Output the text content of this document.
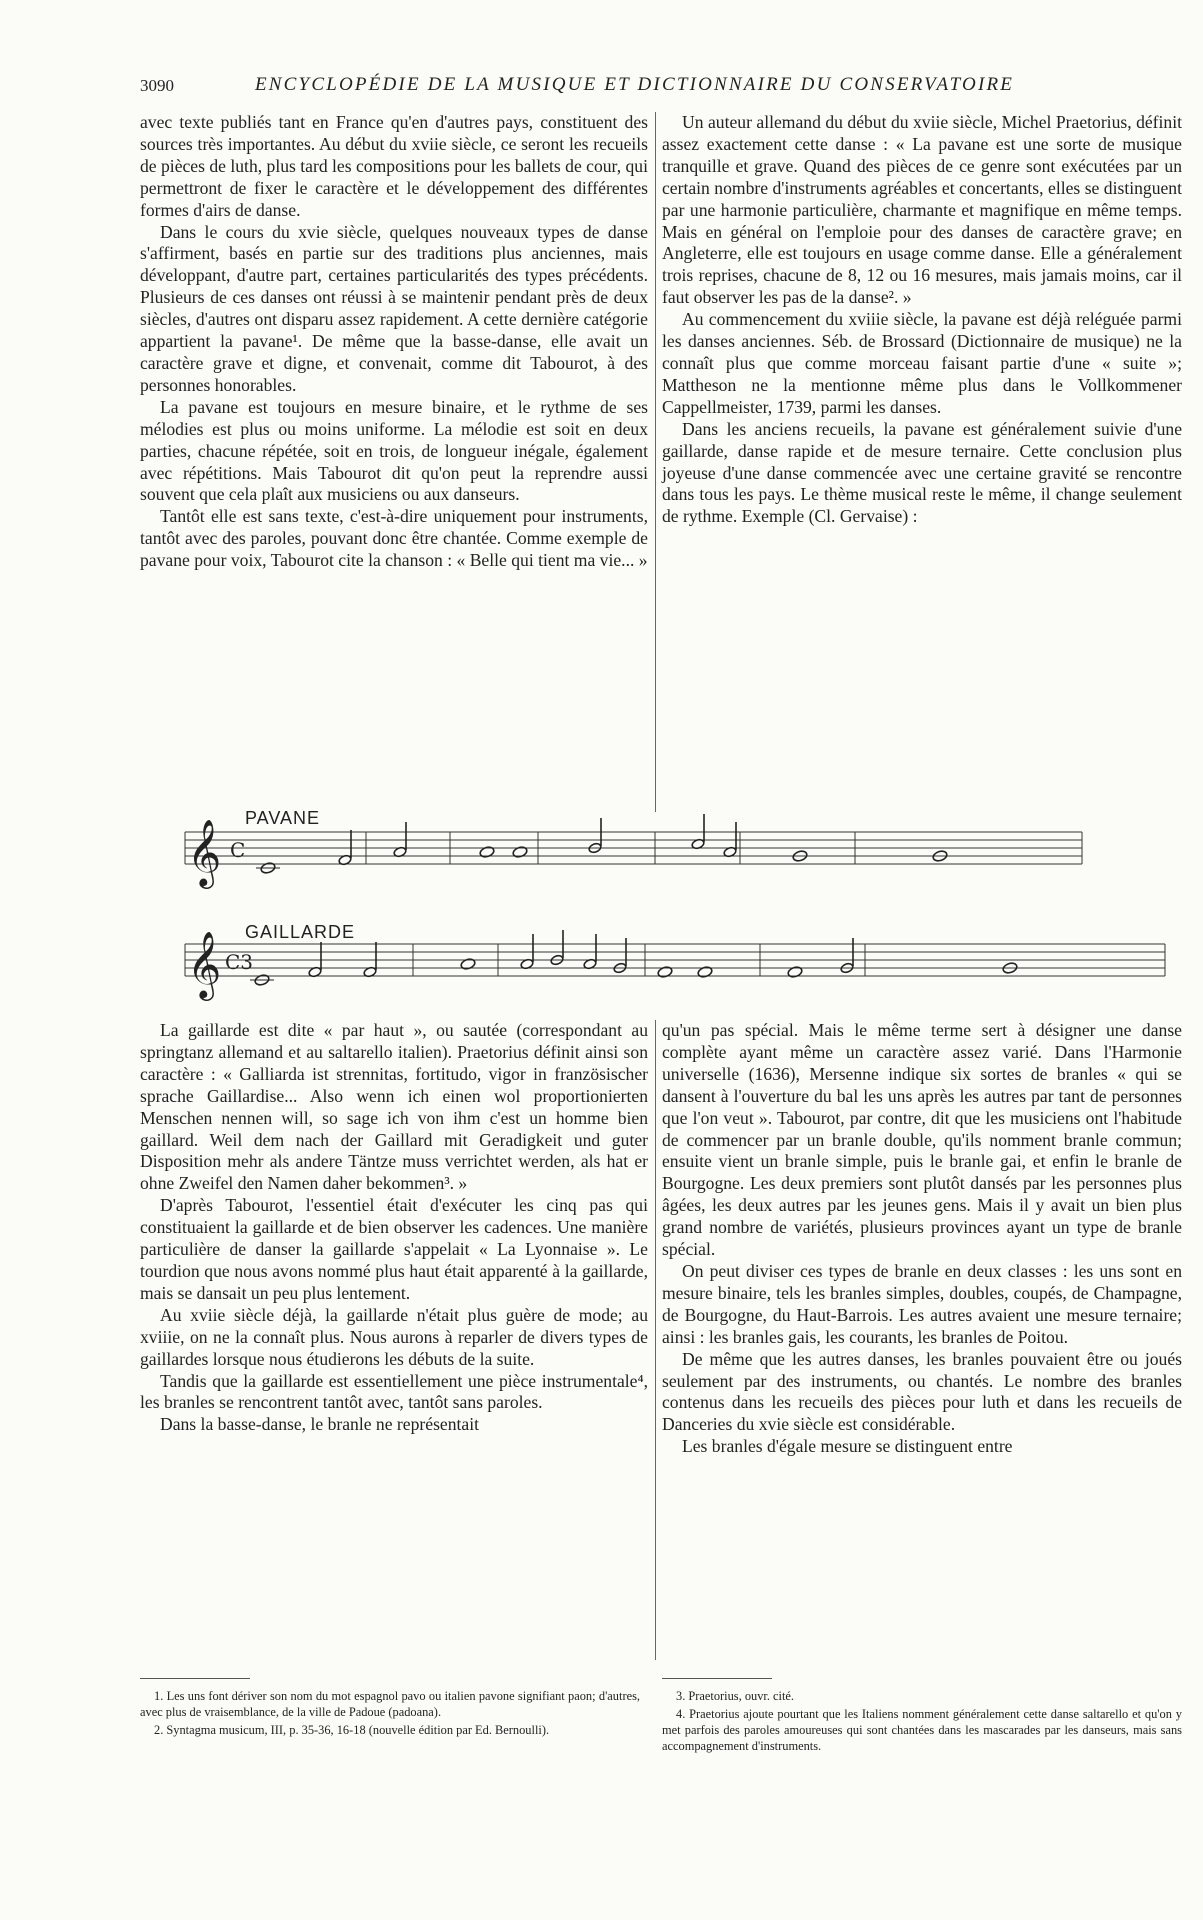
3090	ENCYCLOPÉDIE DE LA MUSIQUE ET DICTIONNAIRE DU CONSERVATOIRE

avec texte publiés tant en France qu'en d'autres pays, constituent des sources très importantes. Au début du xviie siècle, ce seront les recueils de pièces de luth, plus tard les compositions pour les ballets de cour, qui permettront de fixer le caractère et le développement des différentes formes d'airs de danse.

Dans le cours du xvie siècle, quelques nouveaux types de danse s'affirment, basés en partie sur des traditions plus anciennes, mais développant, d'autre part, certaines particularités des types précédents. Plusieurs de ces danses ont réussi à se maintenir pendant près de deux siècles, d'autres ont disparu assez rapidement. A cette dernière catégorie appartient la pavane¹. De même que la basse-danse, elle avait un caractère grave et digne, et convenait, comme dit Tabourot, à des personnes honorables.

La pavane est toujours en mesure binaire, et le rythme de ses mélodies est plus ou moins uniforme. La mélodie est soit en deux parties, chacune répétée, soit en trois, de longueur inégale, également avec répétitions. Mais Tabourot dit qu'on peut la reprendre aussi souvent que cela plaît aux musiciens ou aux danseurs.

Tantôt elle est sans texte, c'est-à-dire uniquement pour instruments, tantôt avec des paroles, pouvant donc être chantée. Comme exemple de pavane pour voix, Tabourot cite la chanson : « Belle qui tient ma vie... »

Un auteur allemand du début du xviie siècle, Michel Praetorius, définit assez exactement cette danse : « La pavane est une sorte de musique tranquille et grave. Quand des pièces de ce genre sont exécutées par un certain nombre d'instruments agréables et concertants, elles se distinguent par une harmonie particulière, charmante et magnifique en même temps. Mais en général on l'emploie pour des danses de caractère grave; en Angleterre, elle est toujours en usage comme danse. Elle a généralement trois reprises, chacune de 8, 12 ou 16 mesures, mais jamais moins, car il faut observer les pas de la danse². »

Au commencement du xviiie siècle, la pavane est déjà reléguée parmi les danses anciennes. Séb. de Brossard (Dictionnaire de musique) ne la connaît plus que comme morceau faisant partie d'une « suite »; Mattheson ne la mentionne même plus dans le Vollkommener Cappellmeister, 1739, parmi les danses.

Dans les anciens recueils, la pavane est généralement suivie d'une gaillarde, danse rapide et de mesure ternaire. Cette conclusion plus joyeuse d'une danse commencée avec une certaine gravité se rencontre dans tous les pays. Le thème musical reste le même, il change seulement de rythme. Exemple (Cl. Gervaise) :

PAVANE
GAILLARDE
𝄞 C
𝄞 C3

La gaillarde est dite « par haut », ou sautée (correspondant au springtanz allemand et au saltarello italien). Praetorius définit ainsi son caractère : « Galliarda ist strennitas, fortitudo, vigor in französischer sprache Gaillardise... Also wenn ich einen wol proportionierten Menschen nennen will, so sage ich von ihm c'est un homme bien gaillard. Weil dem nach der Gaillard mit Geradigkeit und guter Disposition mehr als andere Täntze muss verrichtet werden, als hat er ohne Zweifel den Namen daher bekommen³. »

D'après Tabourot, l'essentiel était d'exécuter les cinq pas qui constituaient la gaillarde et de bien observer les cadences. Une manière particulière de danser la gaillarde s'appelait « La Lyonnaise ». Le tourdion que nous avons nommé plus haut était apparenté à la gaillarde, mais se dansait un peu plus lentement.

Au xviie siècle déjà, la gaillarde n'était plus guère de mode; au xviiie, on ne la connaît plus. Nous aurons à reparler de divers types de gaillardes lorsque nous étudierons les débuts de la suite.

Tandis que la gaillarde est essentiellement une pièce instrumentale⁴, les branles se rencontrent tantôt avec, tantôt sans paroles.

Dans la basse-danse, le branle ne représentait

qu'un pas spécial. Mais le même terme sert à désigner une danse complète ayant même un caractère assez varié. Dans l'Harmonie universelle (1636), Mersenne indique six sortes de branles « qui se dansent à l'ouverture du bal les uns après les autres par tant de personnes que l'on veut ». Tabourot, par contre, dit que les musiciens ont l'habitude de commencer par un branle double, qu'ils nomment branle commun; ensuite vient un branle simple, puis le branle gai, et enfin le branle de Bourgogne. Les deux premiers sont plutôt dansés par les personnes plus âgées, les deux autres par les jeunes gens. Mais il y avait un bien plus grand nombre de variétés, plusieurs provinces ayant un type de branle spécial.

On peut diviser ces types de branle en deux classes : les uns sont en mesure binaire, tels les branles simples, doubles, coupés, de Champagne, de Bourgogne, du Haut-Barrois. Les autres avaient une mesure ternaire; ainsi : les branles gais, les courants, les branles de Poitou.

De même que les autres danses, les branles pouvaient être ou joués seulement par des instruments, ou chantés. Le nombre des branles contenus dans les recueils des pièces pour luth et dans les recueils de Danceries du xvie siècle est considérable.

Les branles d'égale mesure se distinguent entre

1. Les uns font dériver son nom du mot espagnol pavo ou italien pavone signifiant paon; d'autres, avec plus de vraisemblance, de la ville de Padoue (padoana).

2. Syntagma musicum, III, p. 35-36, 16-18 (nouvelle édition par Ed. Bernoulli).

3. Praetorius, ouvr. cité.

4. Praetorius ajoute pourtant que les Italiens nomment généralement cette danse saltarello et qu'on y met parfois des paroles amoureuses qui sont chantées dans les mascarades par les danseurs, mais sans accompagnement d'instruments.
